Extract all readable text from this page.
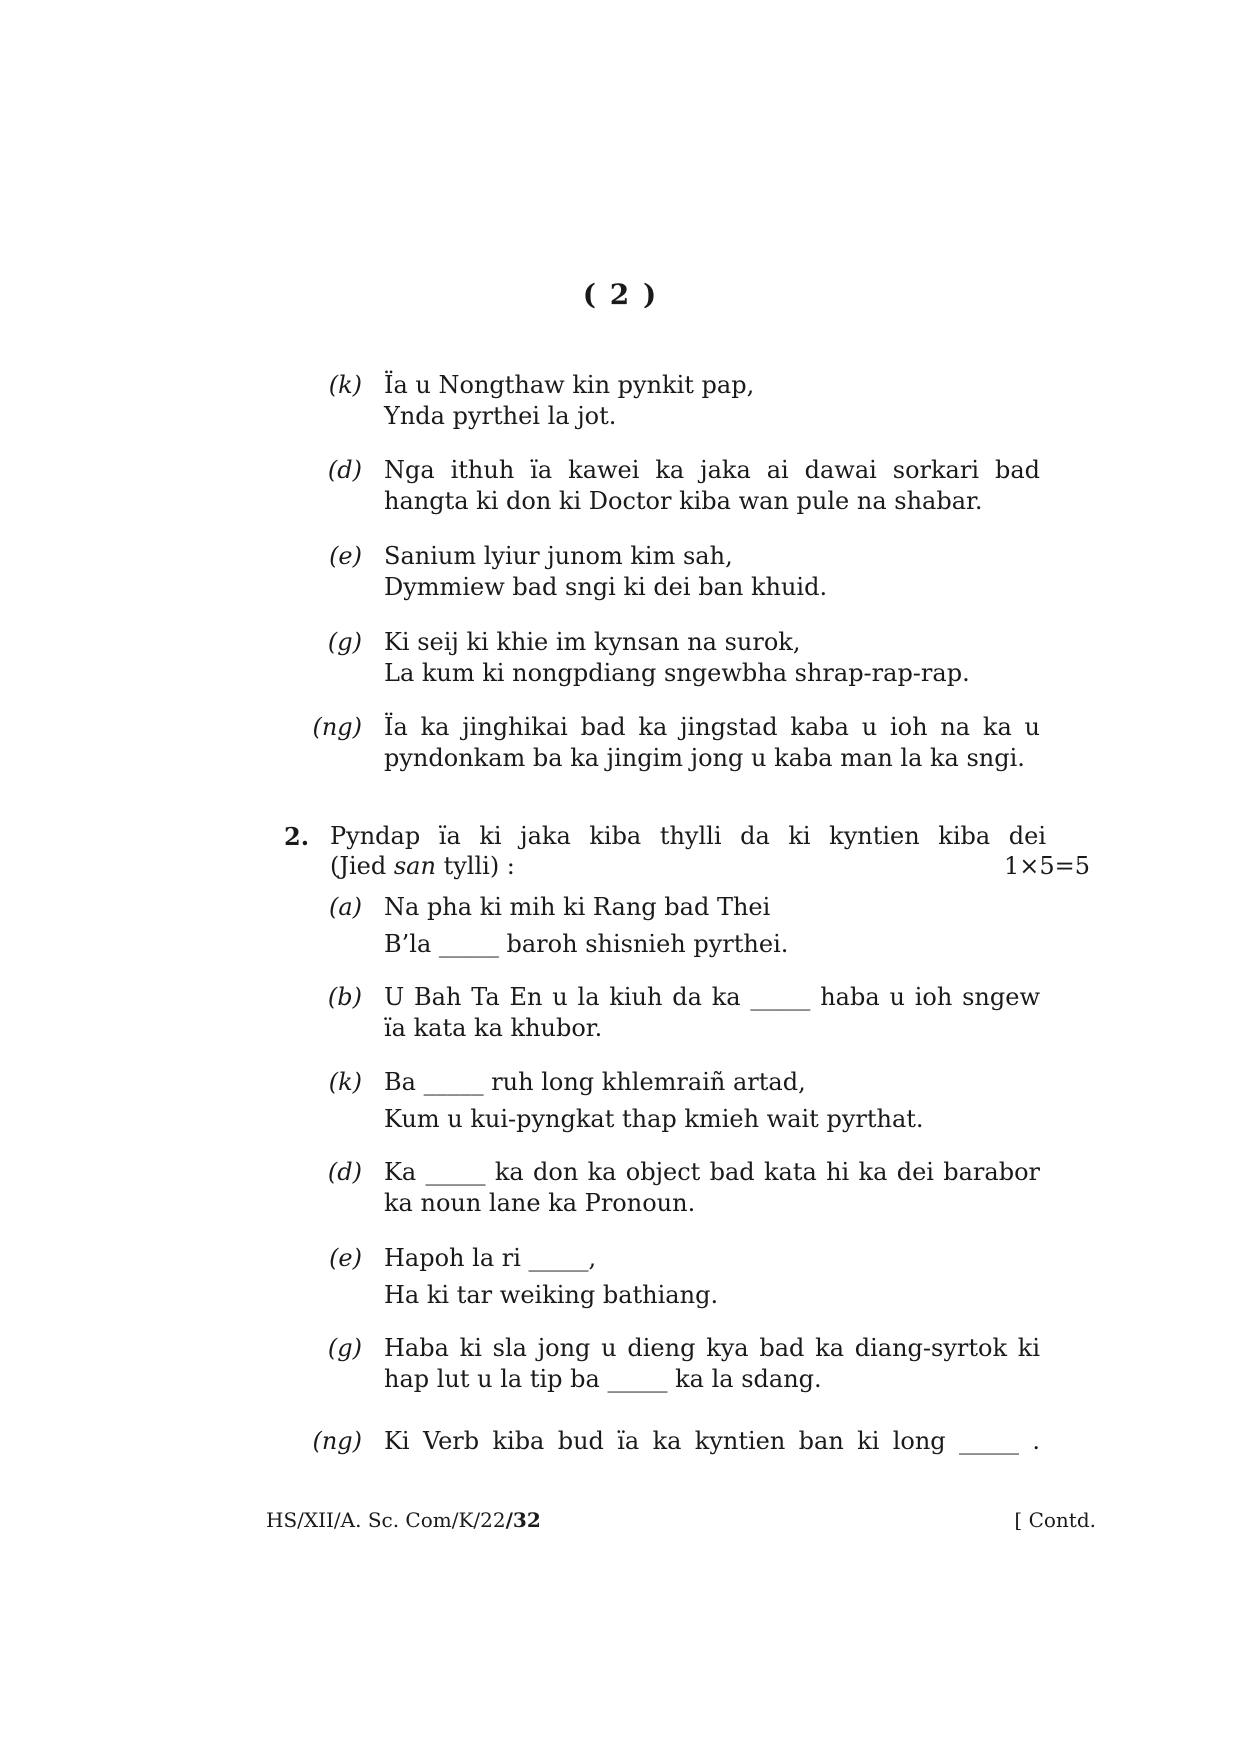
( 2 )
(k) Ïa u Nongthaw kin pynkit pap,
Ynda pyrthei la jot.
(d) Nga ithuh ïa kawei ka jaka ai dawai sorkari bad
hangta ki don ki Doctor kiba wan pule na shabar.
(e) Sanium lyiur junom kim sah,
Dymmiew bad sngi ki dei ban khuid.
(g) Ki seij ki khie im kynsan na surok,
La kum ki nongpdiang sngewbha shrap-rap-rap.
(ng) Ïa ka jinghikai bad ka jingstad kaba u ioh na ka u
pyndonkam ba ka jingim jong u kaba man la ka sngi.
2. Pyndap ïa ki jaka kiba thylli da ki kyntien kiba dei
(Jied san tylli) :	1×5=5
(a) Na pha ki mih ki Rang bad Thei
B’la _____ baroh shisnieh pyrthei.
(b) U Bah Ta En u la kiuh da ka _____ haba u ioh sngew
ïa kata ka khubor.
(k) Ba _____ ruh long khlemraiñ artad,
Kum u kui-pyngkat thap kmieh wait pyrthat.
(d) Ka _____ ka don ka object bad kata hi ka dei barabor
ka noun lane ka Pronoun.
(e) Hapoh la ri _____,
Ha ki tar weiking bathiang.
(g) Haba ki sla jong u dieng kya bad ka diang-syrtok ki
hap lut u la tip ba _____ ka la sdang.
(ng) Ki Verb kiba bud ïa ka kyntien ban ki long _____ .
HS/XII/A. Sc. Com/K/22/32	[ Contd.
